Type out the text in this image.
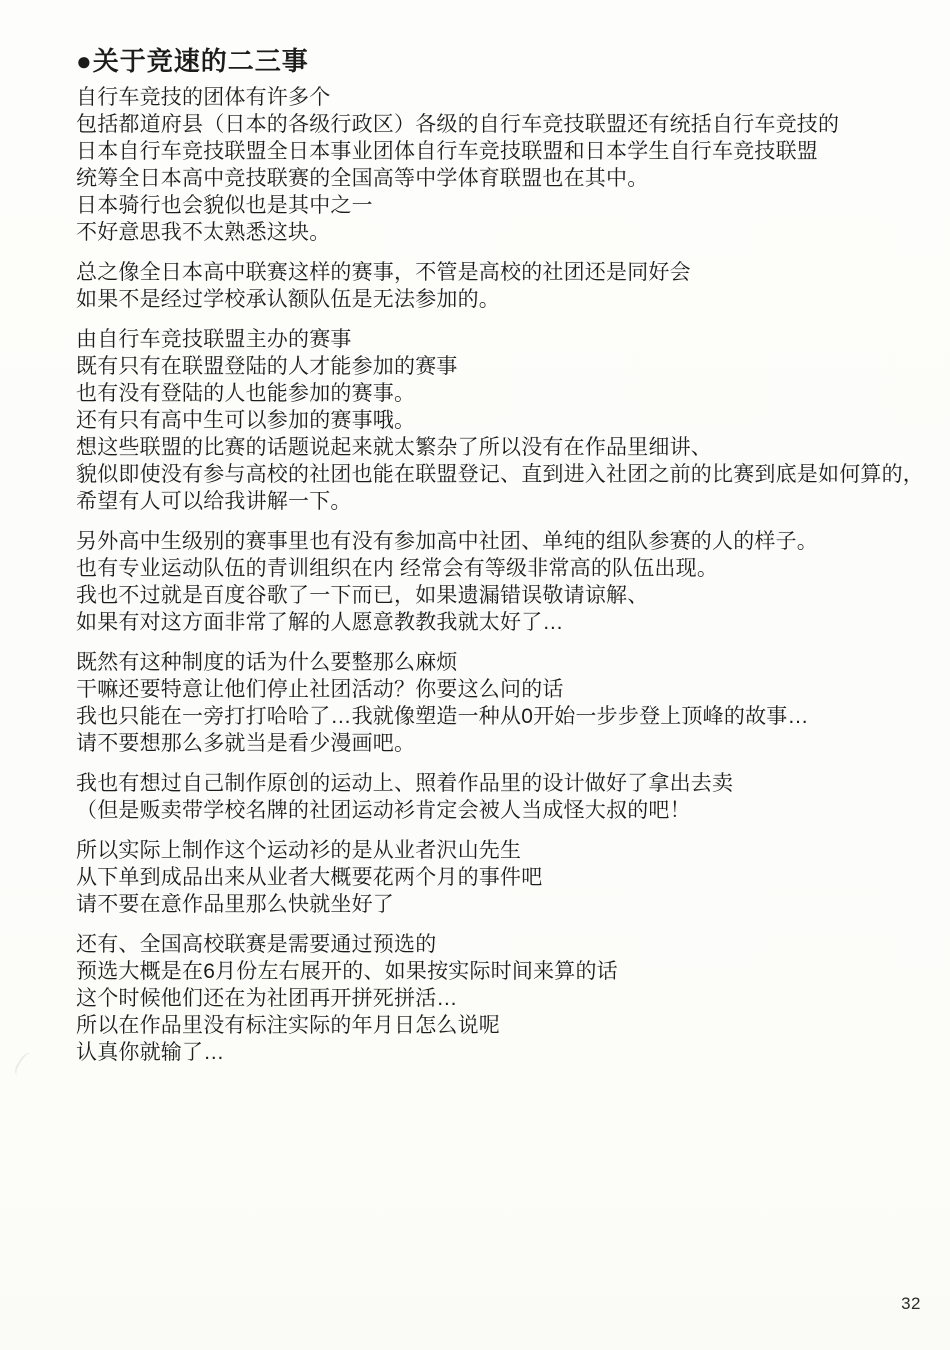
●关于竞速的二三事
自行车竞技的团体有许多个
包括都道府县（日本的各级行政区）各级的自行车竞技联盟还有统括自行车竞技的
日本自行车竞技联盟全日本事业团体自行车竞技联盟和日本学生自行车竞技联盟
统筹全日本高中竞技联赛的全国高等中学体育联盟也在其中。
日本骑行也会貌似也是其中之一
不好意思我不太熟悉这块。
总之像全日本高中联赛这样的赛事，不管是高校的社团还是同好会
如果不是经过学校承认额队伍是无法参加的。
由自行车竞技联盟主办的赛事
既有只有在联盟登陆的人才能参加的赛事
也有没有登陆的人也能参加的赛事。
还有只有高中生可以参加的赛事哦。
想这些联盟的比赛的话题说起来就太繁杂了所以没有在作品里细讲、
貌似即使没有参与高校的社团也能在联盟登记、直到进入社团之前的比赛到底是如何算的，
希望有人可以给我讲解一下。
另外高中生级别的赛事里也有没有参加高中社团、单纯的组队参赛的人的样子。
也有专业运动队伍的青训组织在内 经常会有等级非常高的队伍出现。
我也不过就是百度谷歌了一下而已，如果遗漏错误敬请谅解、
如果有对这方面非常了解的人愿意教教我就太好了…
既然有这种制度的话为什么要整那么麻烦
干嘛还要特意让他们停止社团活动？你要这么问的话
我也只能在一旁打打哈哈了…我就像塑造一种从0开始一步步登上顶峰的故事…
请不要想那么多就当是看少漫画吧。
我也有想过自己制作原创的运动上、照着作品里的设计做好了拿出去卖
（但是贩卖带学校名牌的社团运动衫肯定会被人当成怪大叔的吧！
所以实际上制作这个运动衫的是从业者沢山先生
从下单到成品出来从业者大概要花两个月的事件吧
请不要在意作品里那么快就坐好了
还有、全国高校联赛是需要通过预选的
预选大概是在6月份左右展开的、如果按实际时间来算的话
这个时候他们还在为社团再开拼死拼活…
所以在作品里没有标注实际的年月日怎么说呢
认真你就输了…
32
